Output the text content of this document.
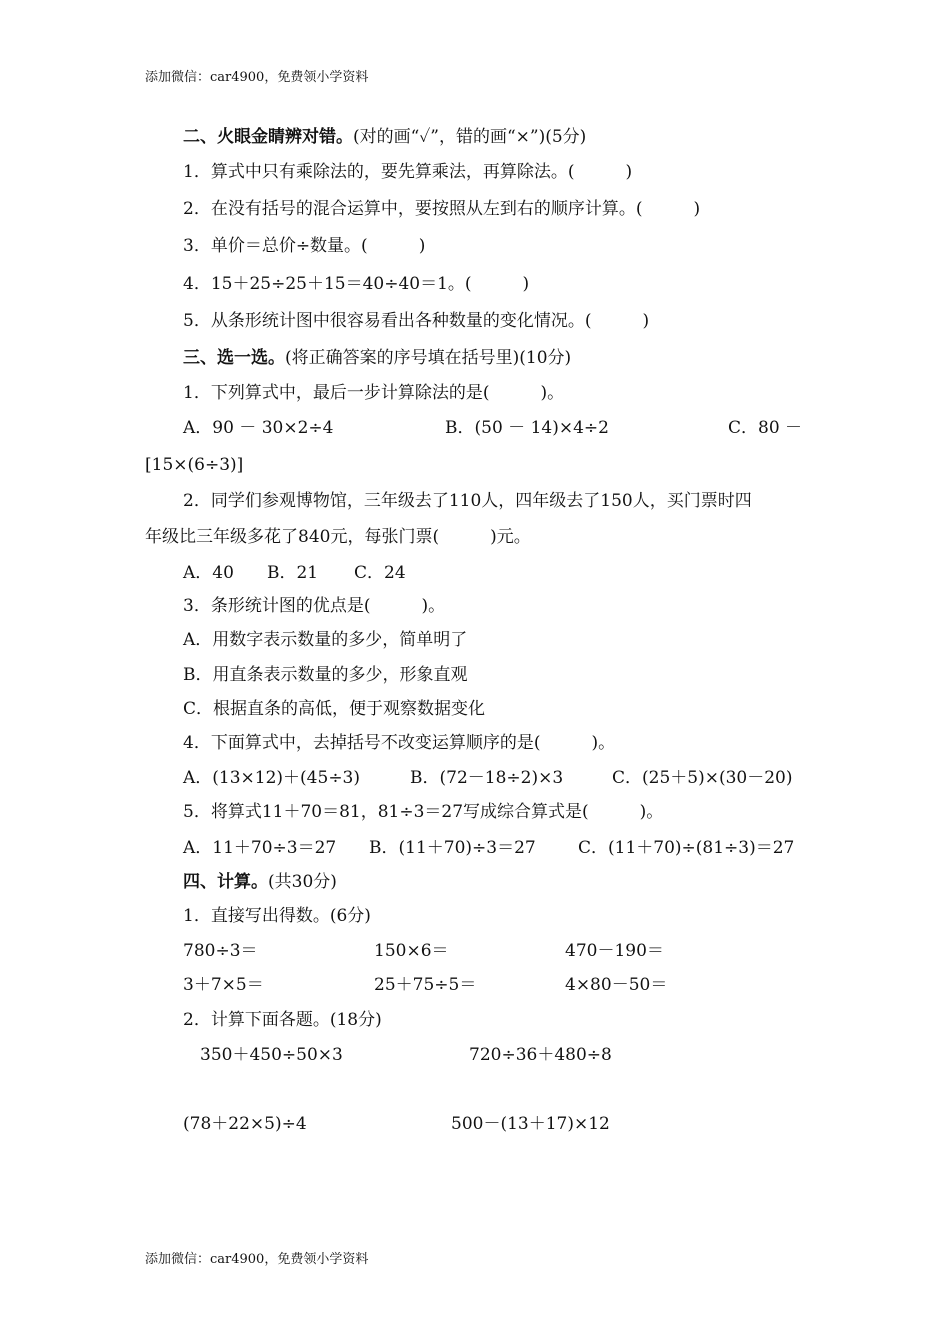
添加微信：car4900，免费领小学资料
二、火眼金睛辨对错。(对的画“✓”，错的画“×”)(5分)
1．算式中只有乘除法的，要先算乘法，再算除法。(　　　)
2．在没有括号的混合运算中，要按照从左到右的顺序计算。(　　　)
3．单价＝总价÷数量。(　　　)
4．15＋25÷25＋15＝40÷40＝1。(　　　)
5．从条形统计图中很容易看出各种数量的变化情况。(　　　)
三、选一选。(将正确答案的序号填在括号里)(10分)
1．下列算式中，最后一步计算除法的是(　　　)。
A．90 － 30×2÷4	B．(50 － 14)×4÷2	C．80 －
[15×(6÷3)]
2．同学们参观博物馆，三年级去了110人，四年级去了150人，买门票时四
年级比三年级多花了840元，每张门票(　　　)元。
A．40 B．21 C．24
3．条形统计图的优点是(　　　)。
A．用数字表示数量的多少，简单明了
B．用直条表示数量的多少，形象直观
C．根据直条的高低，便于观察数据变化
4．下面算式中，去掉括号不改变运算顺序的是(　　　)。
A．(13×12)＋(45÷3)	B．(72－18÷2)×3	C．(25＋5)×(30－20)
5．将算式11＋70＝81，81÷3＝27写成综合算式是(　　　)。
A．11＋70÷3＝27 B．(11＋70)÷3＝27 C．(11＋70)÷(81÷3)＝27
四、计算。(共30分)
1．直接写出得数。(6分)
780÷3＝	150×6＝	470－190＝
3＋7×5＝	25＋75÷5＝	4×80－50＝
2．计算下面各题。(18分)
350＋450÷50×3	720÷36＋480÷8
(78＋22×5)÷4	500－(13＋17)×12
添加微信：car4900，免费领小学资料
